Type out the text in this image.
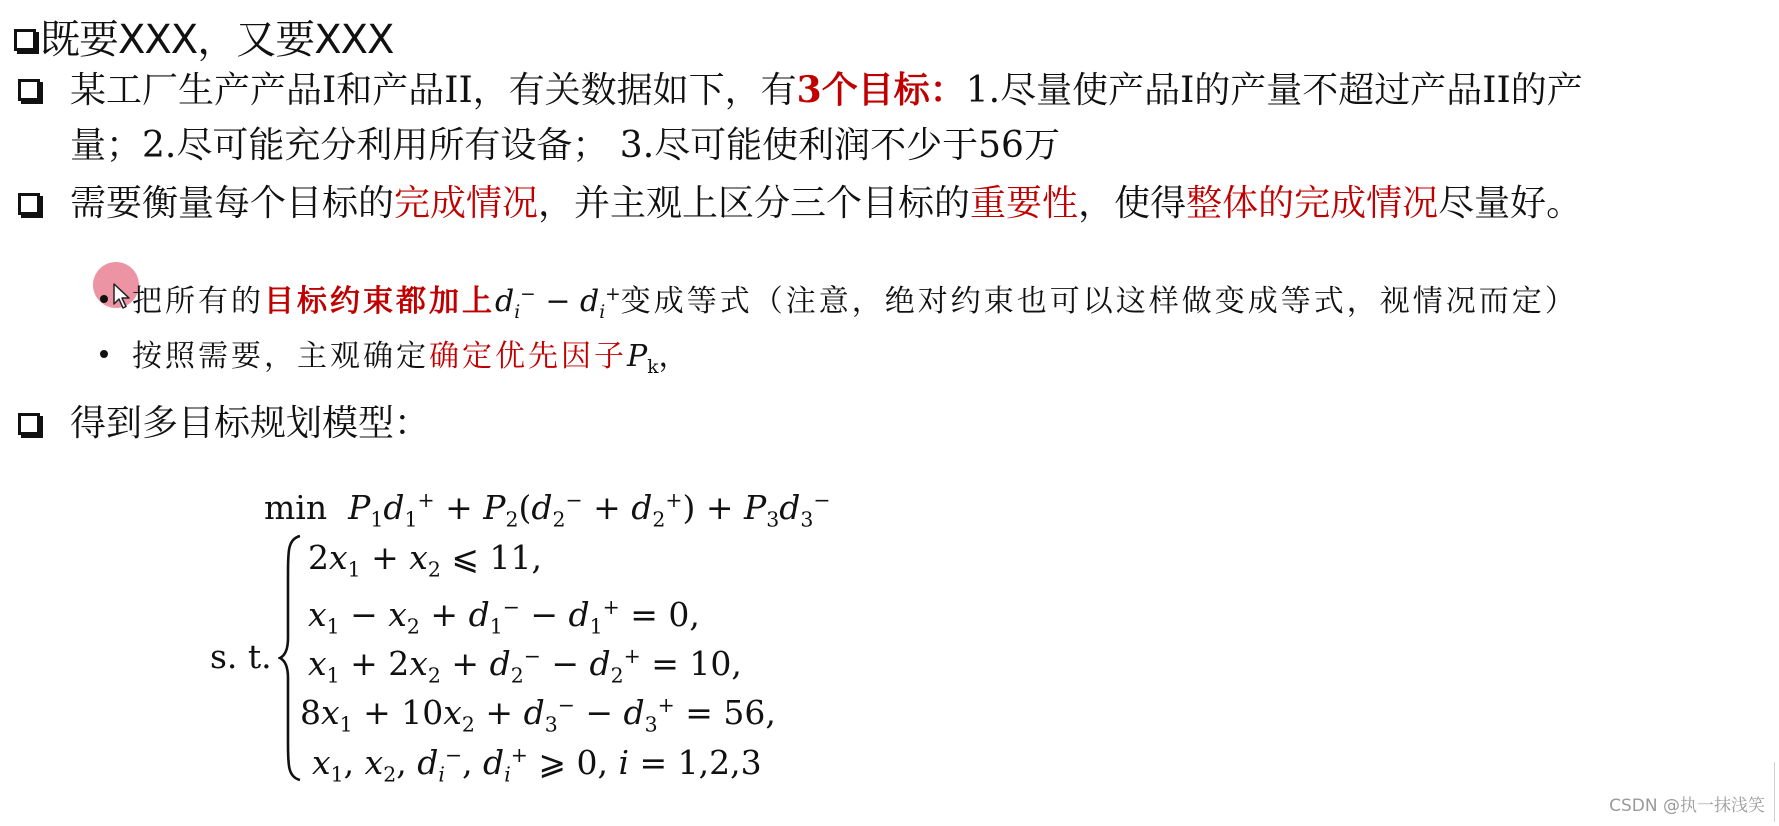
既要XXX，又要XXX
某工厂生产产品I和产品II，有关数据如下，有3个目标：1.尽量使产品I的产量不超过产品II的产
量；2.尽可能充分利用所有设备； 3.尽可能使利润不少于56万
需要衡量每个目标的完成情况，并主观上区分三个目标的重要性，使得整体的完成情况尽量好。
把所有的目标约束都加上$d_i^- - d_i^+$变成等式（注意，绝对约束也可以这样做变成等式，视情况而定）
按照需要，主观确定确定优先因子$P_k$，
得到多目标规划模型：
$\min P_1d_1^+ + P_2(d_2^- + d_2^+) + P_3d_3^-$
s. t.
$2x_1 + x_2$ ⩽ 11,
$x_1 - x_2 + d_1^- - d_1^+ = 0$,
$x_1 + 2x_2 + d_2^- - d_2^+ = 10$,
$8x_1 + 10x_2 + d_3^- - d_3^+ = 56$,
$x_1$, $x_2$, $d_i^-$, $d_i^+$ ⩾ 0, i = 1,2,3
CSDN @执一抹浅笑
